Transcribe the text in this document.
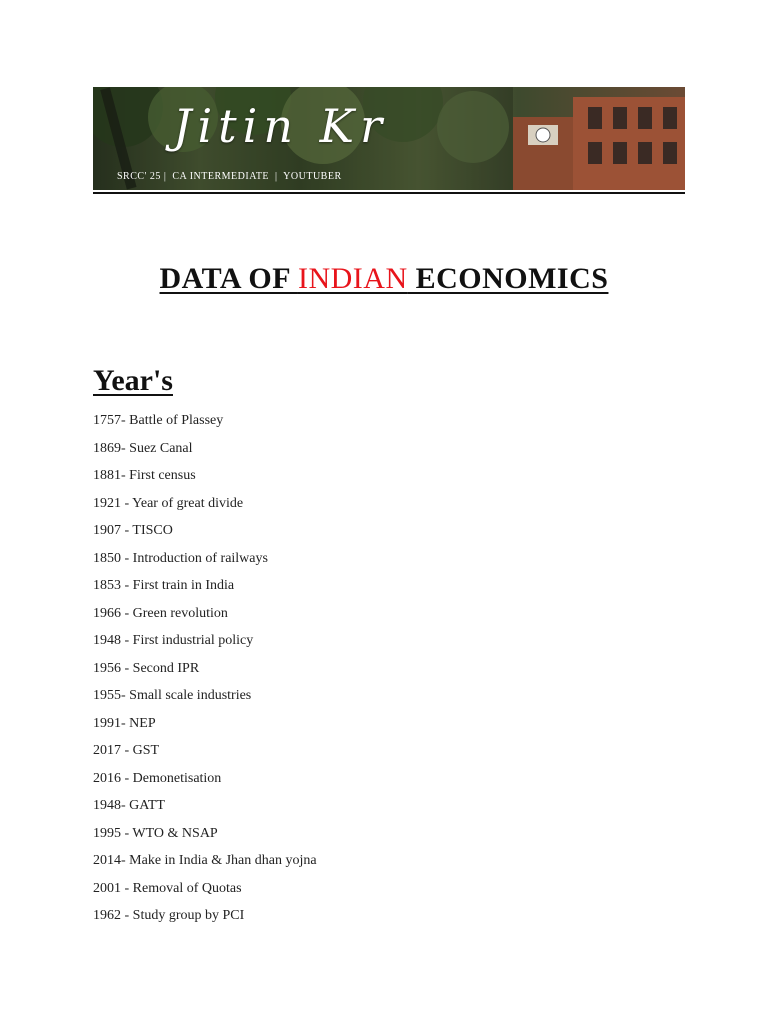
Jitin Kr
SRCC' 25 |  CA INTERMEDIATE  |  YOUTUBER
DATA OF INDIAN ECONOMICS
Year's
1757- Battle of Plassey
1869- Suez Canal
1881- First census
1921 - Year of great divide
1907 - TISCO
1850 - Introduction of railways
1853 - First train in India
1966 - Green revolution
1948 - First industrial policy
1956 - Second IPR
1955- Small scale industries
1991- NEP
2017 - GST
2016 - Demonetisation
1948- GATT
1995 - WTO & NSAP
2014- Make in India & Jhan dhan yojna
2001 - Removal of Quotas
1962 - Study group by PCI
